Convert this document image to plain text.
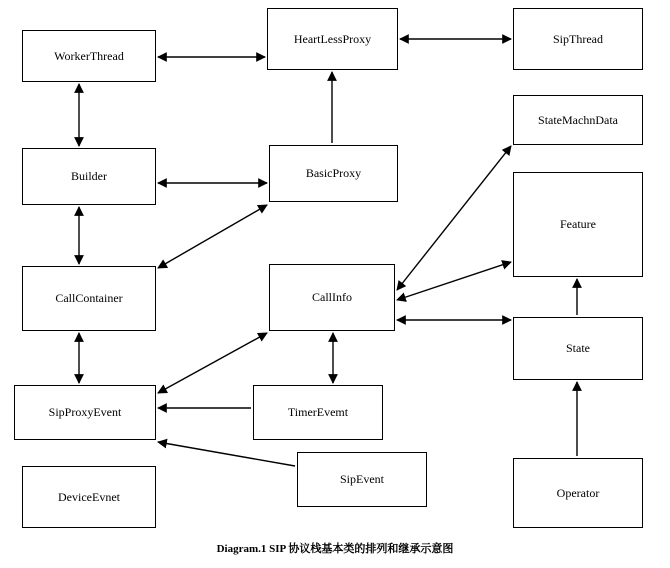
WorkerThread
HeartLessProxy	SipThread
Builder	BasicProxy
StateMachnData
Feature
CallContainer	CallInfo
State
SipProxyEvent	TimerEvemt
DeviceEvnet
SipEvent
Operator
Diagram.1 SIP 协议栈基本类的排列和继承示意图
